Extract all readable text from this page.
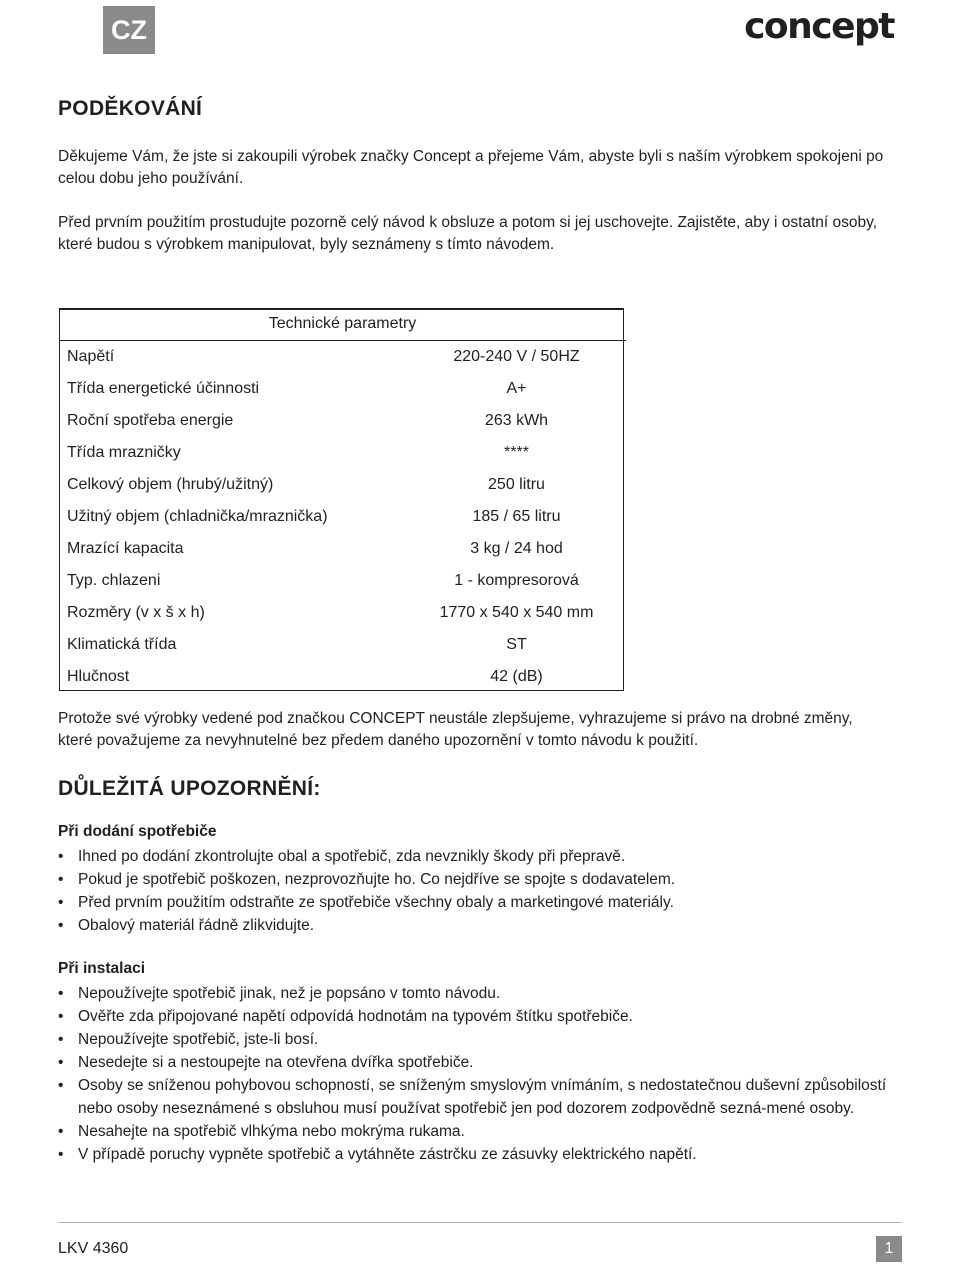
CZ	concept
PODĚKOVÁNÍ
Děkujeme Vám, že jste si zakoupili výrobek značky Concept a přejeme Vám, abyste byli s naším výrobkem spokojeni po celou dobu jeho používání.
Před prvním použitím prostudujte pozorně celý návod k obsluze a potom si jej uschovejte. Zajistěte, aby i ostatní osoby, které budou s výrobkem manipulovat, byly seznámeny s tímto návodem.
Technické parametry	
Napětí	220-240 V / 50HZ
Třída energetické účinnosti	A+
Roční spotřeba energie	263 kWh
Třída mrazničky	****
Celkový objem (hrubý/užitný)	250 litru
Užitný objem (chladnička/mraznička)	185 / 65 litru
Mrazící kapacita	3 kg / 24 hod
Typ. chlazeni	1 - kompresorová
Rozměry (v x š x h)	1770 x 540 x 540 mm
Klimatická třída	ST
Hlučnost	42 (dB)
Protože své výrobky vedené pod značkou CONCEPT neustále zlepšujeme, vyhrazujeme si právo na drobné změny, které považujeme za nevyhnutelné bez předem daného upozornění v tomto návodu k použití.
DŮLEŽITÁ UPOZORNĚNÍ:
Při dodání spotřebiče
• Ihned po dodání zkontrolujte obal a spotřebič, zda nevznikly škody při přepravě.
• Pokud je spotřebič poškozen, nezprovozňujte ho. Co nejdříve se spojte s dodavatelem.
• Před prvním použitím odstraňte ze spotřebiče všechny obaly a marketingové materiály.
• Obalový materiál řádně zlikvidujte.
Při instalaci
• Nepoužívejte spotřebič jinak, než je popsáno v tomto návodu.
• Ověřte zda připojované napětí odpovídá hodnotám na typovém štítku spotřebiče.
• Nepoužívejte spotřebič, jste-li bosí.
• Nesedejte si a nestoupejte na otevřena dvířka spotřebiče.
• Osoby se sníženou pohybovou schopností, se sníženým smyslovým vnímáním, s nedostatečnou duševní způsobilostí nebo osoby neseznámené s obsluhou musí používat spotřebič jen pod dozorem zodpovědně sezná-mené osoby.
• Nesahejte na spotřebič vlhkýma nebo mokrýma rukama.
• V případě poruchy vypněte spotřebič a vytáhněte zástrčku ze zásuvky elektrického napětí.
LKV 4360	1
